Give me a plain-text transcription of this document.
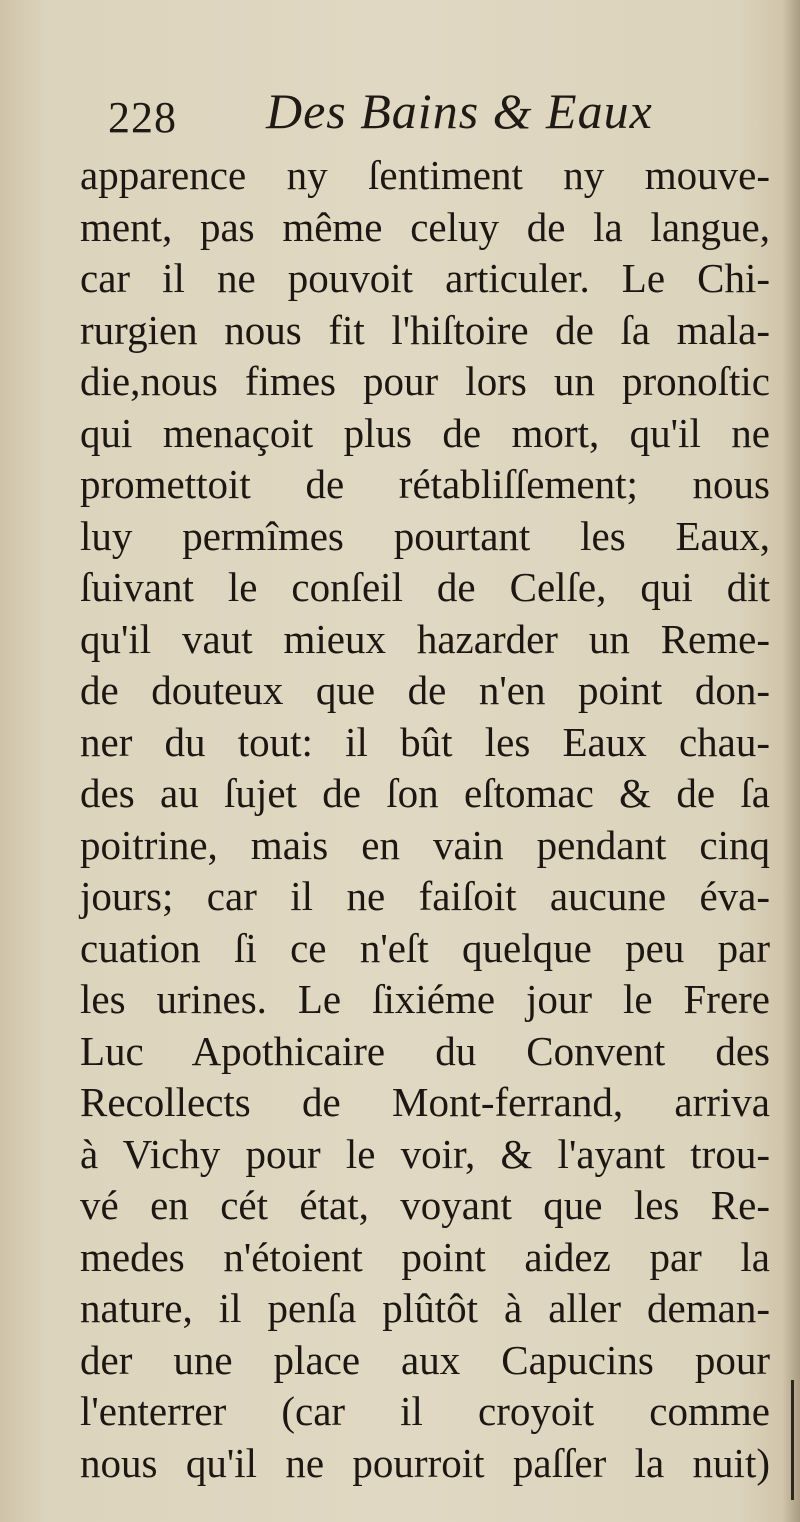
228 Des Bains & Eaux
apparence ny ſentiment ny mouve-
ment, pas même celuy de la langue,
car il ne pouvoit articuler. Le Chi-
rurgien nous fit l'hiſtoire de ſa mala-
die,nous fimes pour lors un pronoſtic
qui menaçoit plus de mort, qu'il ne
promettoit de rétabliſſement; nous
luy permîmes pourtant les Eaux,
ſuivant le conſeil de Celſe, qui dit
qu'il vaut mieux hazarder un Reme-
de douteux que de n'en point don-
ner du tout: il bût les Eaux chau-
des au ſujet de ſon eſtomac & de ſa
poitrine, mais en vain pendant cinq
jours; car il ne faiſoit aucune éva-
cuation ſi ce n'eſt quelque peu par
les urines. Le ſixiéme jour le Frere
Luc Apothicaire du Convent des
Recollects de Mont-ferrand, arriva
à Vichy pour le voir, & l'ayant trou-
vé en cét état, voyant que les Re-
medes n'étoient point aidez par la
nature, il penſa plûtôt à aller deman-
der une place aux Capucins pour
l'enterrer (car il croyoit comme
nous qu'il ne pourroit paſſer la nuit)
